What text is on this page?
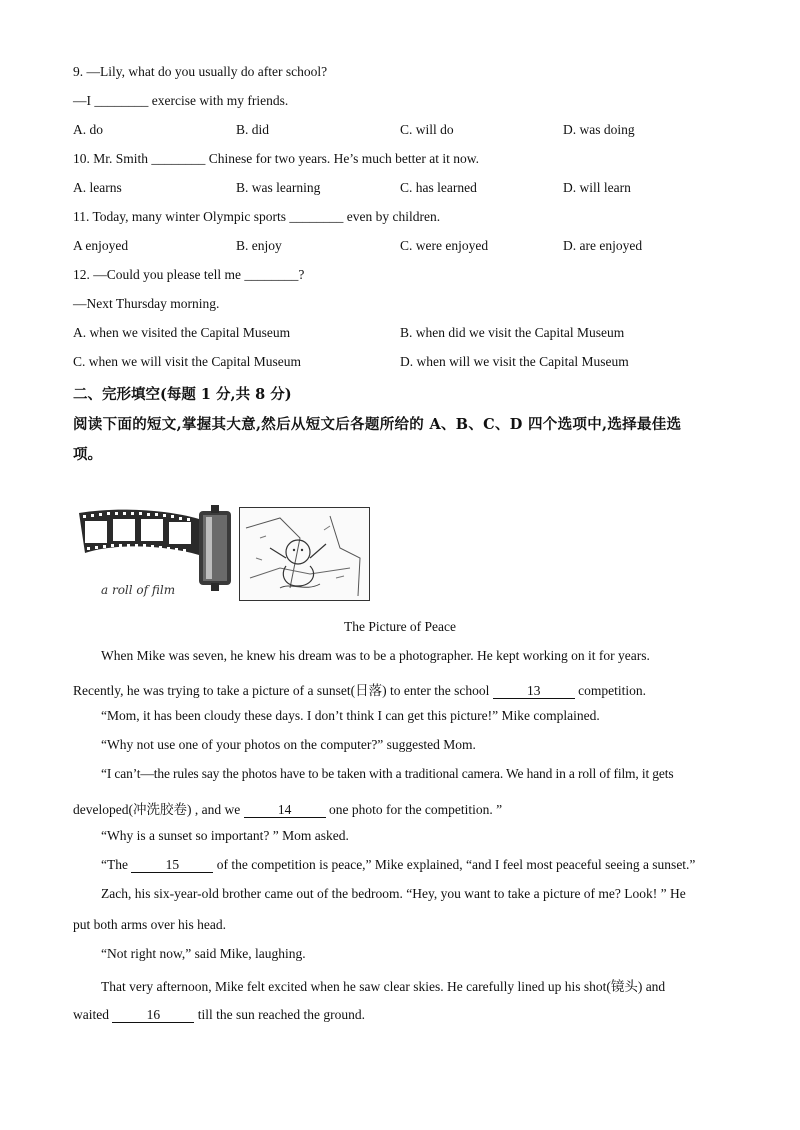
9. —Lily, what do you usually do after school?
—I ________ exercise with my friends.
A. do	B. did	C. will do	D. was doing
10. Mr. Smith ________ Chinese for two years. He’s much better at it now.
A. learns	B. was learning	C. has learned	D. will learn
11. Today, many winter Olympic sports ________ even by children.
A enjoyed	B. enjoy	C. were enjoyed	D. are enjoyed
12. —Could you please tell me ________?
—Next Thursday morning.
A. when we visited the Capital Museum	B. when did we visit the Capital Museum
C. when we will visit the Capital Museum	D. when will we visit the Capital Museum
二、完形填空(每题 1 分,共 8 分)
阅读下面的短文,掌握其大意,然后从短文后各题所给的 A、B、C、D 四个选项中,选择最佳选
项。
a roll of film
The Picture of Peace
When Mike was seven, he knew his dream was to be a photographer. He kept working on it for years.
Recently, he was trying to take a picture of a sunset(日落) to enter the school	13	competition.
“Mom, it has been cloudy these days. I don’t think I can get this picture!” Mike complained.
“Why not use one of your photos on the computer?” suggested Mom.
“I can’t—the rules say the photos have to be taken with a traditional camera. We hand in a roll of film, it gets
developed(冲洗胶卷) , and we	14	one photo for the competition. ”
“Why is a sunset so important? ” Mom asked.
“The	15	of the competition is peace,” Mike explained, “and I feel most peaceful seeing a sunset.”
Zach, his six-year-old brother came out of the bedroom. “Hey, you want to take a picture of me? Look! ” He
put both arms over his head.
“Not right now,” said Mike, laughing.
That very afternoon, Mike felt excited when he saw clear skies. He carefully lined up his shot(镜头) and
waited	16	till the sun reached the ground.
